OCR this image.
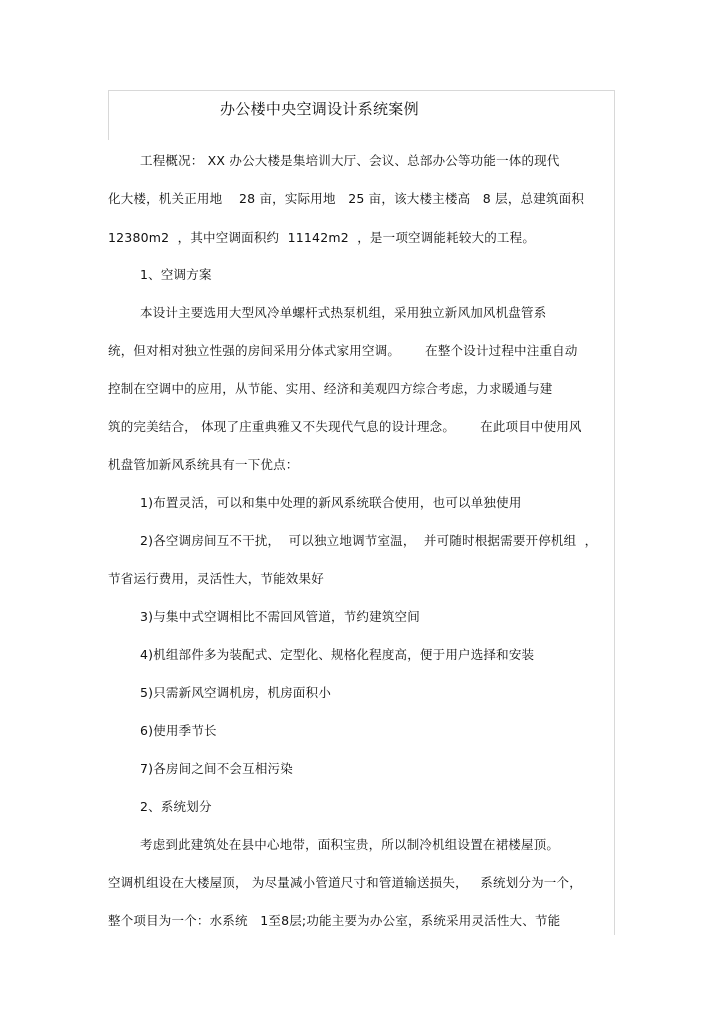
办公楼中央空调设计系统案例
工程概况： XX 办公大楼是集培训大厅、会议、总部办公等功能一体的现代
化大楼，机关正用地    28 亩，实际用地   25 亩，该大楼主楼高   8 层，总建筑面积
12380m2  ，其中空调面积约  11142m2  ，是一项空调能耗较大的工程。
1、空调方案
本设计主要选用大型风冷单螺杆式热泵机组，采用独立新风加风机盘管系
统，但对相对独立性强的房间采用分体式家用空调。      在整个设计过程中注重自动
控制在空调中的应用，从节能、实用、经济和美观四方综合考虑，力求暖通与建
筑的完美结合， 体现了庄重典雅又不失现代气息的设计理念。      在此项目中使用风
机盘管加新风系统具有一下优点：
1)布置灵活，可以和集中处理的新风系统联合使用，也可以单独使用
2)各空调房间互不干扰，  可以独立地调节室温，  并可随时根据需要开停机组  ，
节省运行费用，灵活性大，节能效果好
3)与集中式空调相比不需回风管道，节约建筑空间
4)机组部件多为装配式、定型化、规格化程度高，便于用户选择和安装
5)只需新风空调机房，机房面积小
6)使用季节长
7)各房间之间不会互相污染
2、系统划分
考虑到此建筑处在县中心地带，面积宝贵，所以制冷机组设置在裙楼屋顶。
空调机组设在大楼屋顶， 为尽量减小管道尺寸和管道输送损失，   系统划分为一个，
整个项目为一个：水系统   1至8层;功能主要为办公室，系统采用灵活性大、节能
